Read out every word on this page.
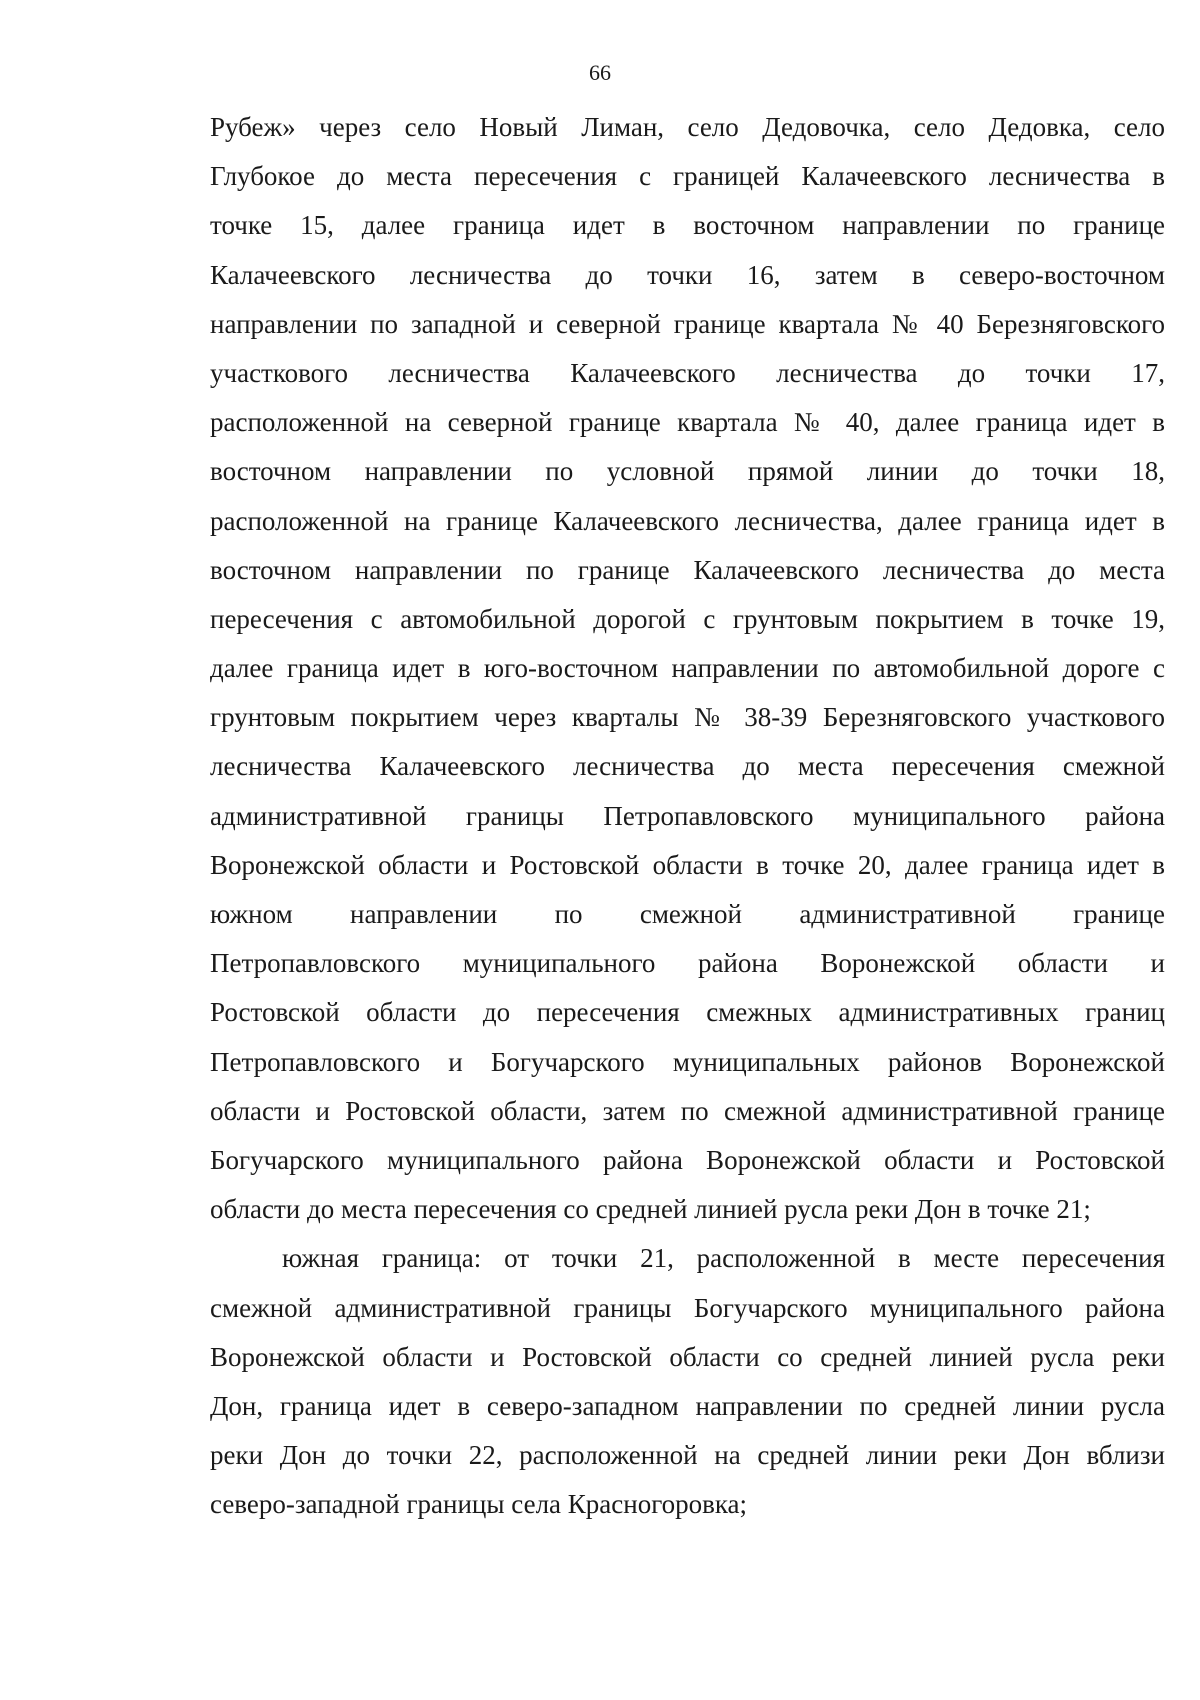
66
Рубеж» через село Новый Лиман, село Дедовочка, село Дедовка, село
Глубокое до места пересечения с границей Калачеевского лесничества в
точке 15, далее граница идет в восточном направлении по границе
Калачеевского лесничества до точки 16, затем в северо-восточном
направлении по западной и северной границе квартала № 40 Березняговского
участкового лесничества Калачеевского лесничества до точки 17,
расположенной на северной границе квартала № 40, далее граница идет в
восточном направлении по условной прямой линии до точки 18,
расположенной на границе Калачеевского лесничества, далее граница идет в
восточном направлении по границе Калачеевского лесничества до места
пересечения с автомобильной дорогой с грунтовым покрытием в точке 19,
далее граница идет в юго-восточном направлении по автомобильной дороге с
грунтовым покрытием через кварталы № 38-39 Березняговского участкового
лесничества Калачеевского лесничества до места пересечения смежной
административной границы Петропавловского муниципального района
Воронежской области и Ростовской области в точке 20, далее граница идет в
южном направлении по смежной административной границе
Петропавловского муниципального района Воронежской области и
Ростовской области до пересечения смежных административных границ
Петропавловского и Богучарского муниципальных районов Воронежской
области и Ростовской области, затем по смежной административной границе
Богучарского муниципального района Воронежской области и Ростовской
области до места пересечения со средней линией русла реки Дон в точке 21;
южная граница: от точки 21, расположенной в месте пересечения
смежной административной границы Богучарского муниципального района
Воронежской области и Ростовской области со средней линией русла реки
Дон, граница идет в северо-западном направлении по средней линии русла
реки Дон до точки 22, расположенной на средней линии реки Дон вблизи
северо-западной границы села Красногоровка;
